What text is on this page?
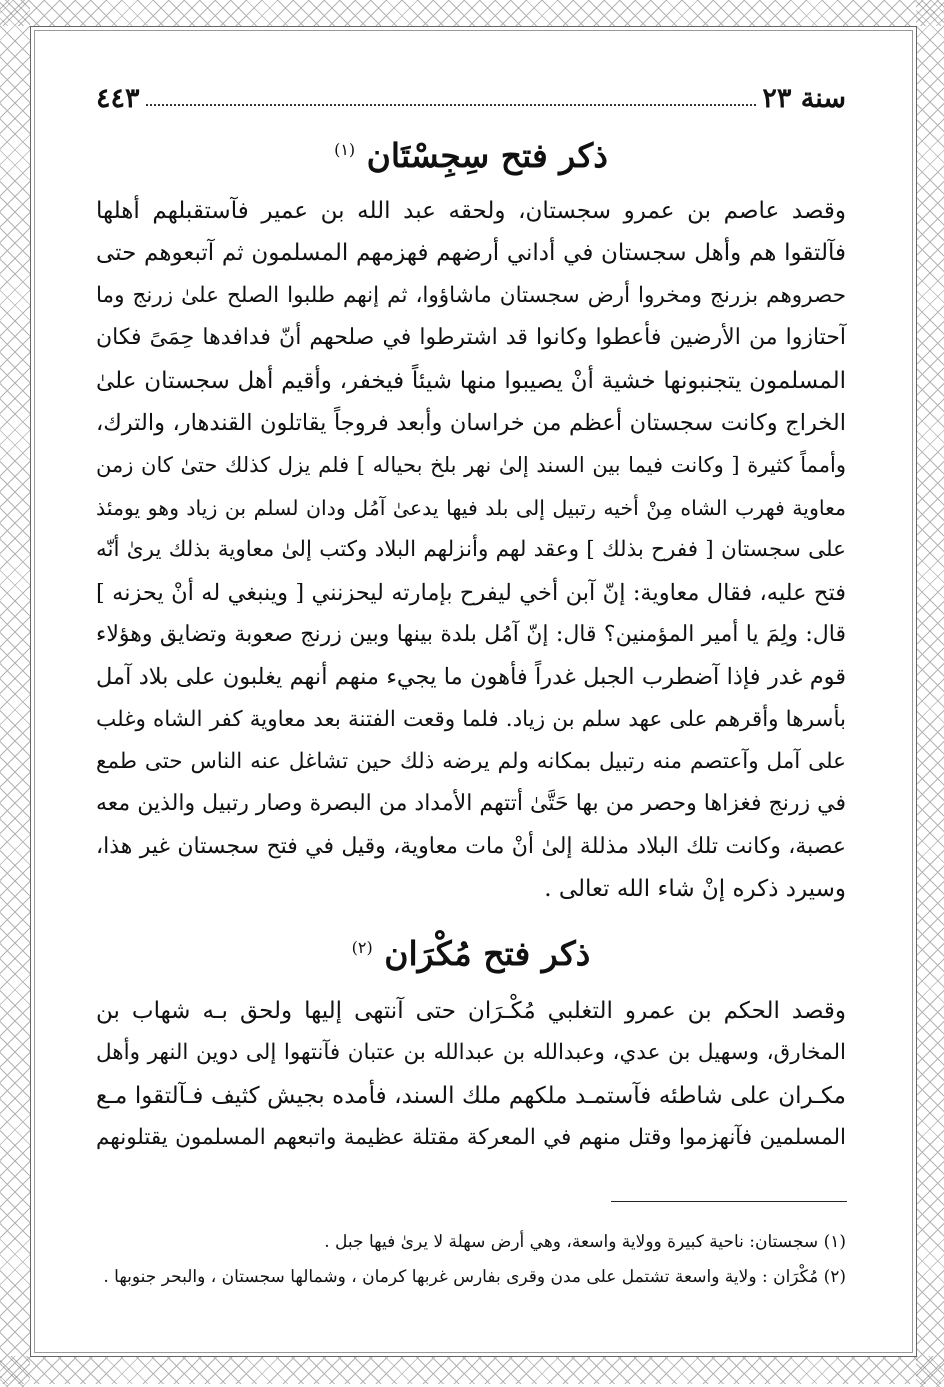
سنة ٢٣
٤٤٣
ذكر فتح سِجِسْتَان $^{(١)}$
وقصد عاصم بن عمرو سجستان، ولحقه عبد الله بن عمير فآستقبلهم أهلها
فآلتقوا هم وأهل سجستان في أداني أرضهم فهزمهم المسلمون ثم آتبعوهم حتى
حصروهم بزرنج ومخروا أرض سجستان ماشاؤوا، ثم إنهم طلبوا الصلح علىٰ زرنج وما
آحتازوا من الأرضين فأعطوا وكانوا قد اشترطوا في صلحهم أنّ فدافدها حِمَىً فكان
المسلمون يتجنبونها خشية أنْ يصيبوا منها شيئاً فيخفر، وأقيم أهل سجستان علىٰ
الخراج وكانت سجستان أعظم من خراسان وأبعد فروجاً يقاتلون القندهار، والترك،
وأمماً كثيرة [ وكانت فيما بين السند إلىٰ نهر بلخ بحياله ] فلم يزل كذلك حتىٰ كان زمن
معاوية فهرب الشاه مِنْ أخيه رتبيل إلى بلد فيها يدعىٰ آمُل ودان لسلم بن زياد وهو يومئذ
على سجستان [ ففرح بذلك ] وعقد لهم وأنزلهم البلاد وكتب إلىٰ معاوية بذلك يرىٰ أنّه
فتح عليه، فقال معاوية: إنّ آبن أخي ليفرح بإمارته ليحزنني [ وينبغي له أنْ يحزنه ]
قال: ولِمَ يا أمير المؤمنين؟ قال: إنّ آمُل بلدة بينها وبين زرنج صعوبة وتضايق وهؤلاء
قوم غدر فإذا آضطرب الجبل غدراً فأهون ما يجيء منهم أنهم يغلبون على بلاد آمل
بأسرها وأقرهم على عهد سلم بن زياد. فلما وقعت الفتنة بعد معاوية كفر الشاه وغلب
على آمل وآعتصم منه رتبيل بمكانه ولم يرضه ذلك حين تشاغل عنه الناس حتى طمع
في زرنج فغزاها وحصر من بها حَتَّىٰ أتتهم الأمداد من البصرة وصار رتبيل والذين معه
عصبة، وكانت تلك البلاد مذللة إلىٰ أنْ مات معاوية، وقيل في فتح سجستان غير هذا،
وسيرد ذكره إنْ شاء الله تعالى .
ذكر فتح مُكْرَان $^{(٢)}$
وقصد الحكم بن عمرو التغلبي مُكْـرَان حتى آنتهى إليها ولحق بـه شهاب بن
المخارق، وسهيل بن عدي، وعبدالله بن عبدالله بن عتبان فآنتهوا إلى دوين النهر وأهل
مكـران على شاطئه فآستمـد ملكهم ملك السند، فأمده بجيش كثيف فـآلتقوا مـع
المسلمين فآنهزموا وقتل منهم في المعركة مقتلة عظيمة واتبعهم المسلمون يقتلونهم
(١) سجستان: ناحية كبيرة وولاية واسعة، وهي أرض سهلة لا يرىٰ فيها جبل .
(٢) مُكْرَان : ولاية واسعة تشتمل على مدن وقرى بفارس غربها كرمان ، وشمالها سجستان ، والبحر جنوبها .
